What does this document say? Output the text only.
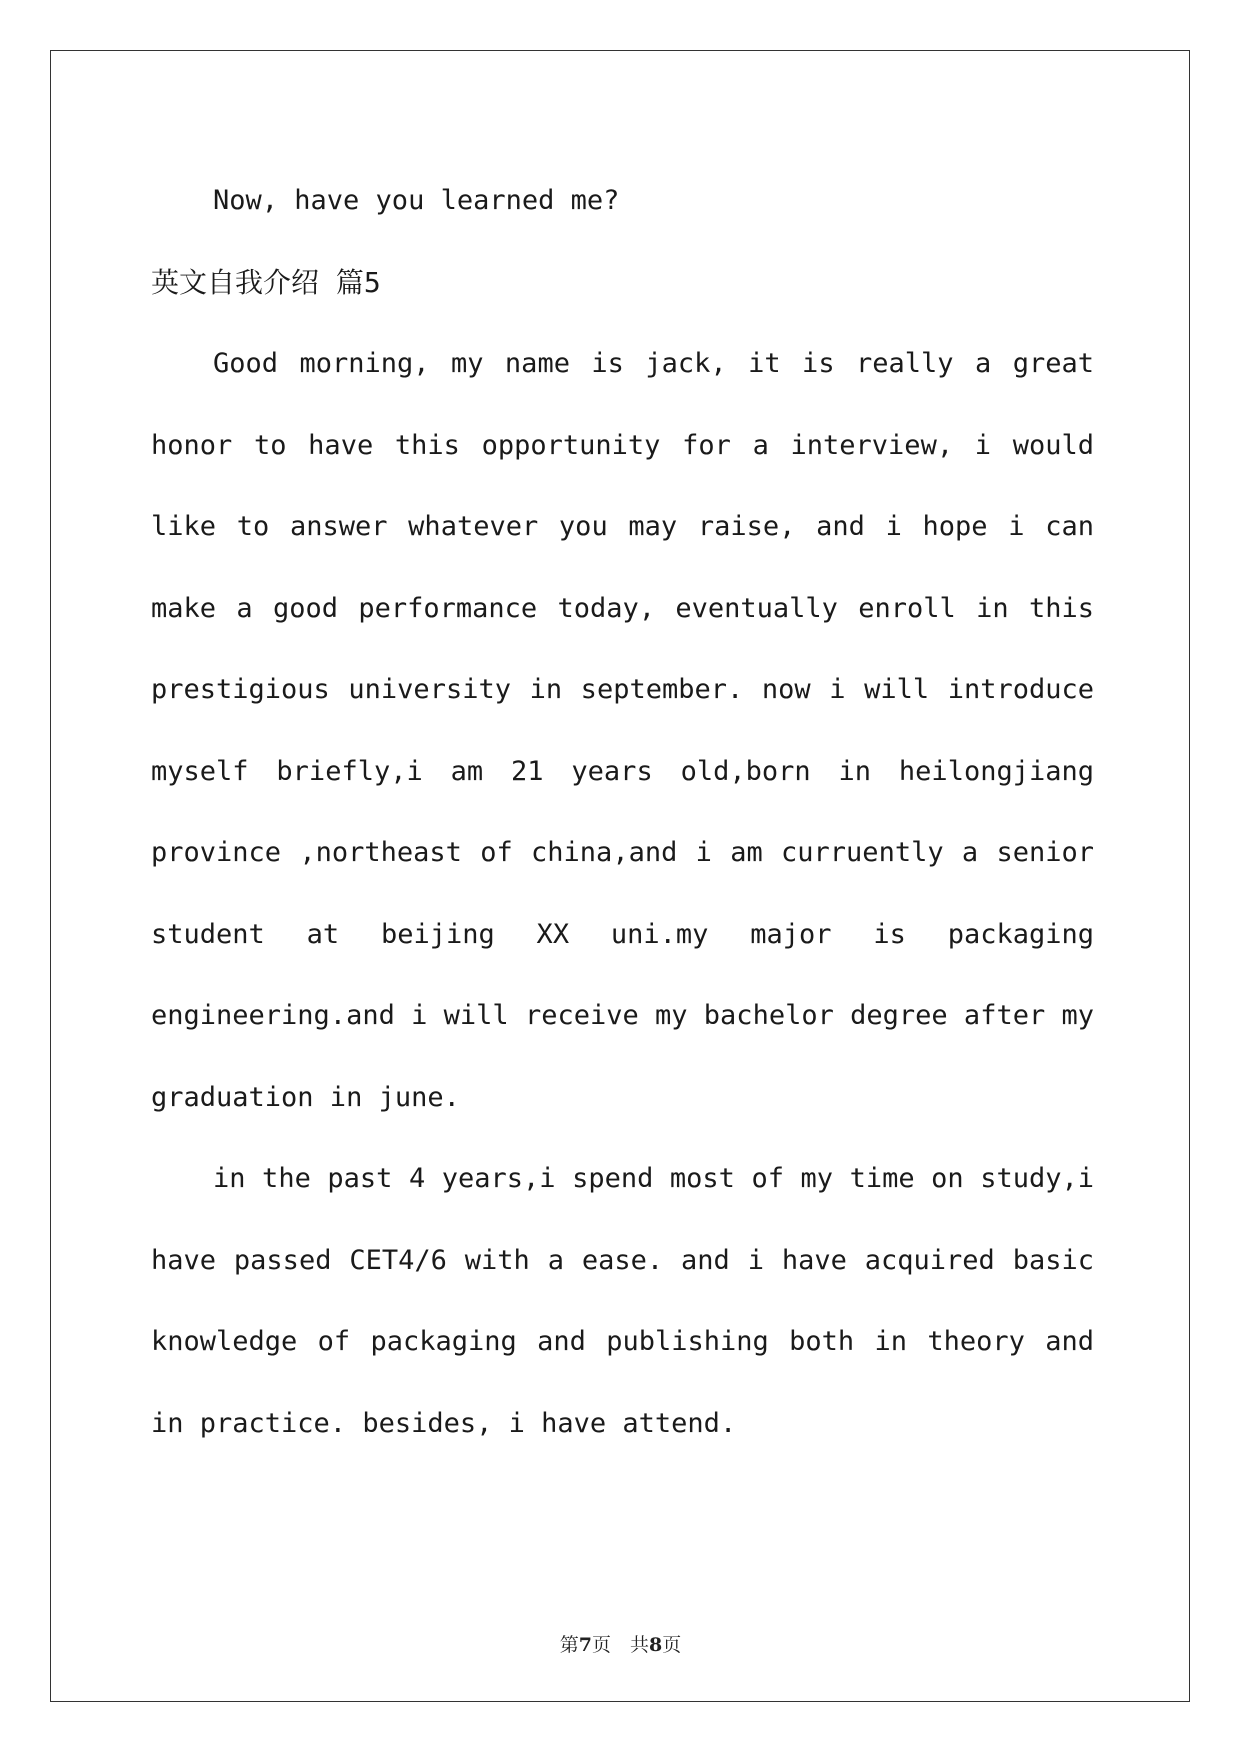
Now, have you learned me?

英文自我介绍 篇5

Good morning, my name is jack, it is really a great honor to have this opportunity for a interview, i would like to answer whatever you may raise, and i hope i can make a good performance today, eventually enroll in this prestigious university in september. now i will introduce myself briefly,i am 21 years old,born in heilongjiang province ,northeast of china,and i am curruently a senior student at beijing XX uni.my major is packaging engineering.and i will receive my bachelor degree after my graduation in june.

in the past 4 years,i spend most of my time on study,i have passed CET4/6 with a ease. and i have acquired basic knowledge of packaging and publishing both in theory and in practice. besides, i have attend.

第7页　共8页
